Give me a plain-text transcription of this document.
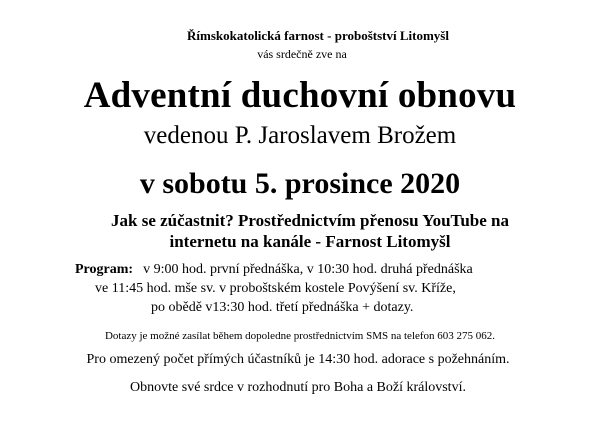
Římskokatolická farnost - proboštství Litomyšl

vás srdečně zve na

Adventní duchovní obnovu

vedenou P. Jaroslavem Brožem

v sobotu 5. prosince 2020

Jak se zúčastnit? Prostřednictvím přenosu YouTube na
internetu na kanále - Farnost Litomyšl
Program: v 9:00 hod. první přednáška, v 10:30 hod. druhá přednáška
ve 11:45 hod. mše sv. v proboštském kostele Povýšení sv. Kříže,
po obědě v13:30 hod. třetí přednáška + dotazy.

Dotazy je možné zasílat během dopoledne prostřednictvím SMS na telefon 603 275 062.

Pro omezený počet přímých účastníků je 14:30 hod. adorace s požehnáním.

Obnovte své srdce v rozhodnutí pro Boha a Boží království.
